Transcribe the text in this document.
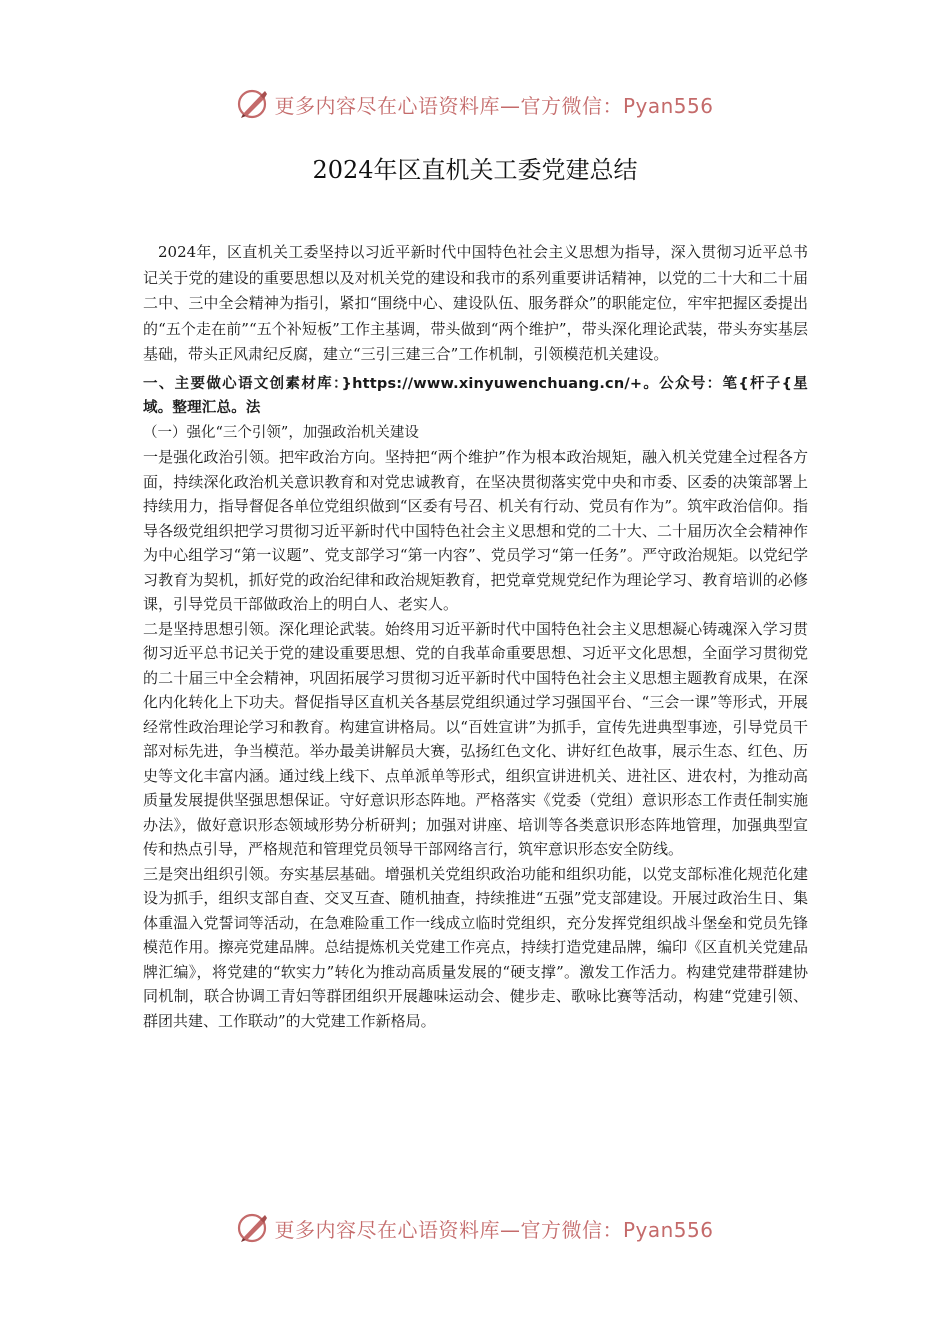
更多内容尽在心语资料库—官方微信：Pyan556
2024年区直机关工委党建总结

2024年，区直机关工委坚持以习近平新时代中国特色社会主义思想为指导，深入贯彻习近平总书记关于党的建设的重要思想以及对机关党的建设和我市的系列重要讲话精神，以党的二十大和二十届二中、三中全会精神为指引，紧扣“围绕中心、建设队伍、服务群众”的职能定位，牢牢把握区委提出的“五个走在前”“五个补短板”工作主基调，带头做到“两个维护”，带头深化理论武装，带头夯实基层基础，带头正风肃纪反腐，建立“三引三建三合”工作机制，引领模范机关建设。

一、主要做心语文创素材库：}https://www.xinyuwenchuang.cn/+。公众号：笔{杆子{星域。整理汇总。法

（一）强化“三个引领”，加强政治机关建设

一是强化政治引领。把牢政治方向。坚持把“两个维护”作为根本政治规矩，融入机关党建全过程各方面，持续深化政治机关意识教育和对党忠诚教育，在坚决贯彻落实党中央和市委、区委的决策部署上持续用力，指导督促各单位党组织做到“区委有号召、机关有行动、党员有作为”。筑牢政治信仰。指导各级党组织把学习贯彻习近平新时代中国特色社会主义思想和党的二十大、二十届历次全会精神作为中心组学习“第一议题”、党支部学习“第一内容”、党员学习“第一任务”。严守政治规矩。以党纪学习教育为契机，抓好党的政治纪律和政治规矩教育，把党章党规党纪作为理论学习、教育培训的必修课，引导党员干部做政治上的明白人、老实人。

二是坚持思想引领。深化理论武装。始终用习近平新时代中国特色社会主义思想凝心铸魂深入学习贯彻习近平总书记关于党的建设重要思想、党的自我革命重要思想、习近平文化思想，全面学习贯彻党的二十届三中全会精神，巩固拓展学习贯彻习近平新时代中国特色社会主义思想主题教育成果，在深化内化转化上下功夫。督促指导区直机关各基层党组织通过学习强国平台、“三会一课”等形式，开展经常性政治理论学习和教育。构建宣讲格局。以“百姓宣讲”为抓手，宣传先进典型事迹，引导党员干部对标先进，争当模范。举办最美讲解员大赛，弘扬红色文化、讲好红色故事，展示生态、红色、历史等文化丰富内涵。通过线上线下、点单派单等形式，组织宣讲进机关、进社区、进农村，为推动高质量发展提供坚强思想保证。守好意识形态阵地。严格落实《党委（党组）意识形态工作责任制实施办法》，做好意识形态领域形势分析研判；加强对讲座、培训等各类意识形态阵地管理，加强典型宣传和热点引导，严格规范和管理党员领导干部网络言行，筑牢意识形态安全防线。

三是突出组织引领。夯实基层基础。增强机关党组织政治功能和组织功能，以党支部标准化规范化建设为抓手，组织支部自查、交叉互查、随机抽查，持续推进“五强”党支部建设。开展过政治生日、集体重温入党誓词等活动，在急难险重工作一线成立临时党组织，充分发挥党组织战斗堡垒和党员先锋模范作用。擦亮党建品牌。总结提炼机关党建工作亮点，持续打造党建品牌，编印《区直机关党建品牌汇编》，将党建的“软实力”转化为推动高质量发展的“硬支撑”。激发工作活力。构建党建带群建协同机制，联合协调工青妇等群团组织开展趣味运动会、健步走、歌咏比赛等活动，构建“党建引领、群团共建、工作联动”的大党建工作新格局。

更多内容尽在心语资料库—官方微信：Pyan556
